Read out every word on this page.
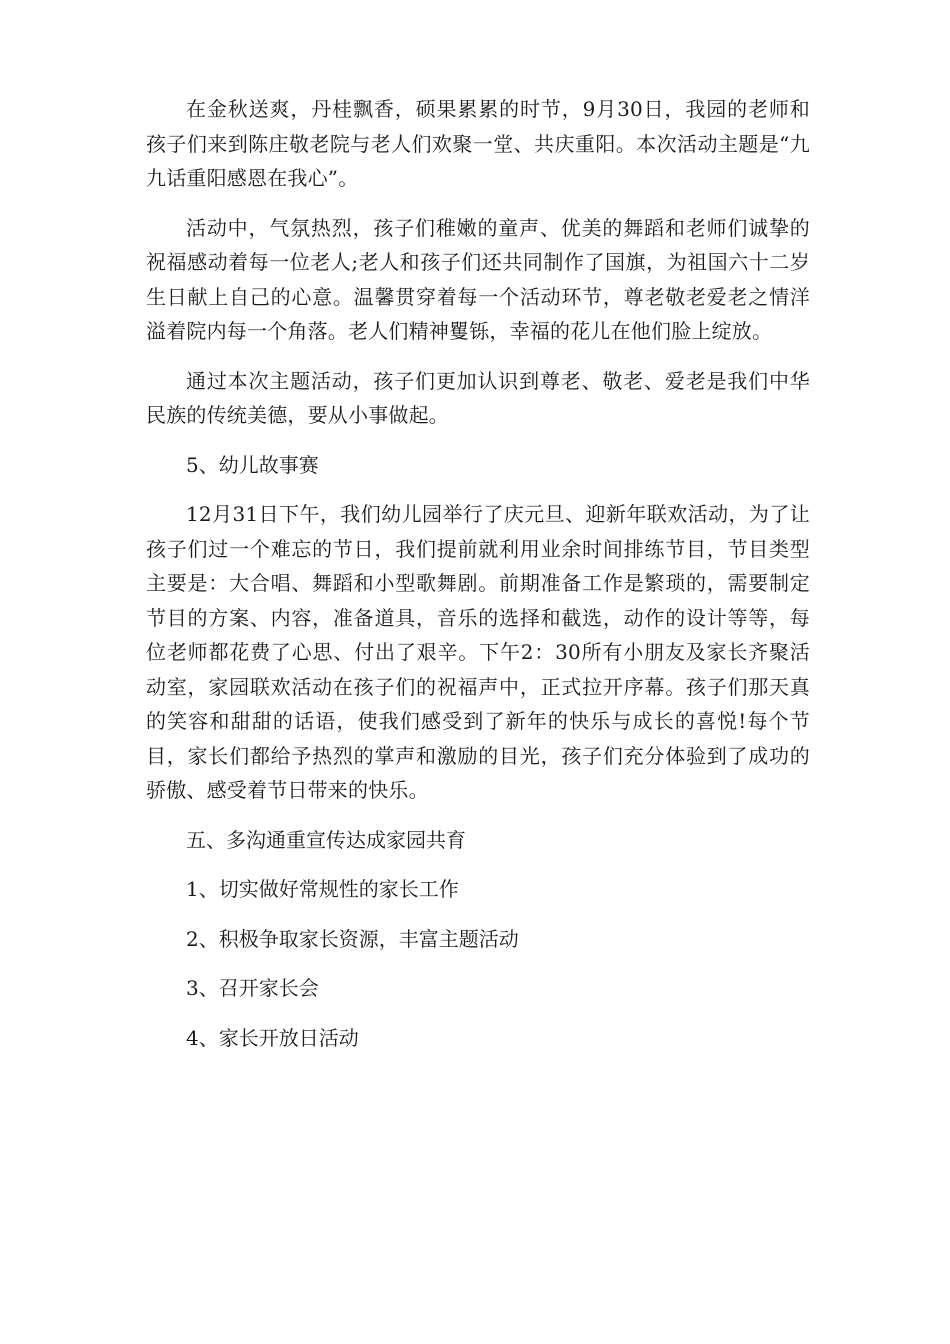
在金秋送爽，丹桂飘香，硕果累累的时节，9月30日，我园的老师和孩子们来到陈庄敬老院与老人们欢聚一堂、共庆重阳。本次活动主题是“九九话重阳感恩在我心”。

活动中，气氛热烈，孩子们稚嫩的童声、优美的舞蹈和老师们诚挚的祝福感动着每一位老人;老人和孩子们还共同制作了国旗，为祖国六十二岁生日献上自己的心意。温馨贯穿着每一个活动环节，尊老敬老爱老之情洋溢着院内每一个角落。老人们精神矍铄，幸福的花儿在他们脸上绽放。

通过本次主题活动，孩子们更加认识到尊老、敬老、爱老是我们中华民族的传统美德，要从小事做起。

5、幼儿故事赛

12月31日下午，我们幼儿园举行了庆元旦、迎新年联欢活动，为了让孩子们过一个难忘的节日，我们提前就利用业余时间排练节目，节目类型主要是：大合唱、舞蹈和小型歌舞剧。前期准备工作是繁琐的，需要制定节目的方案、内容，准备道具，音乐的选择和截选，动作的设计等等，每位老师都花费了心思、付出了艰辛。下午2：30所有小朋友及家长齐聚活动室，家园联欢活动在孩子们的祝福声中，正式拉开序幕。孩子们那天真的笑容和甜甜的话语，使我们感受到了新年的快乐与成长的喜悦!每个节目，家长们都给予热烈的掌声和激励的目光，孩子们充分体验到了成功的骄傲、感受着节日带来的快乐。

五、多沟通重宣传达成家园共育

1、切实做好常规性的家长工作

2、积极争取家长资源，丰富主题活动

3、召开家长会

4、家长开放日活动
